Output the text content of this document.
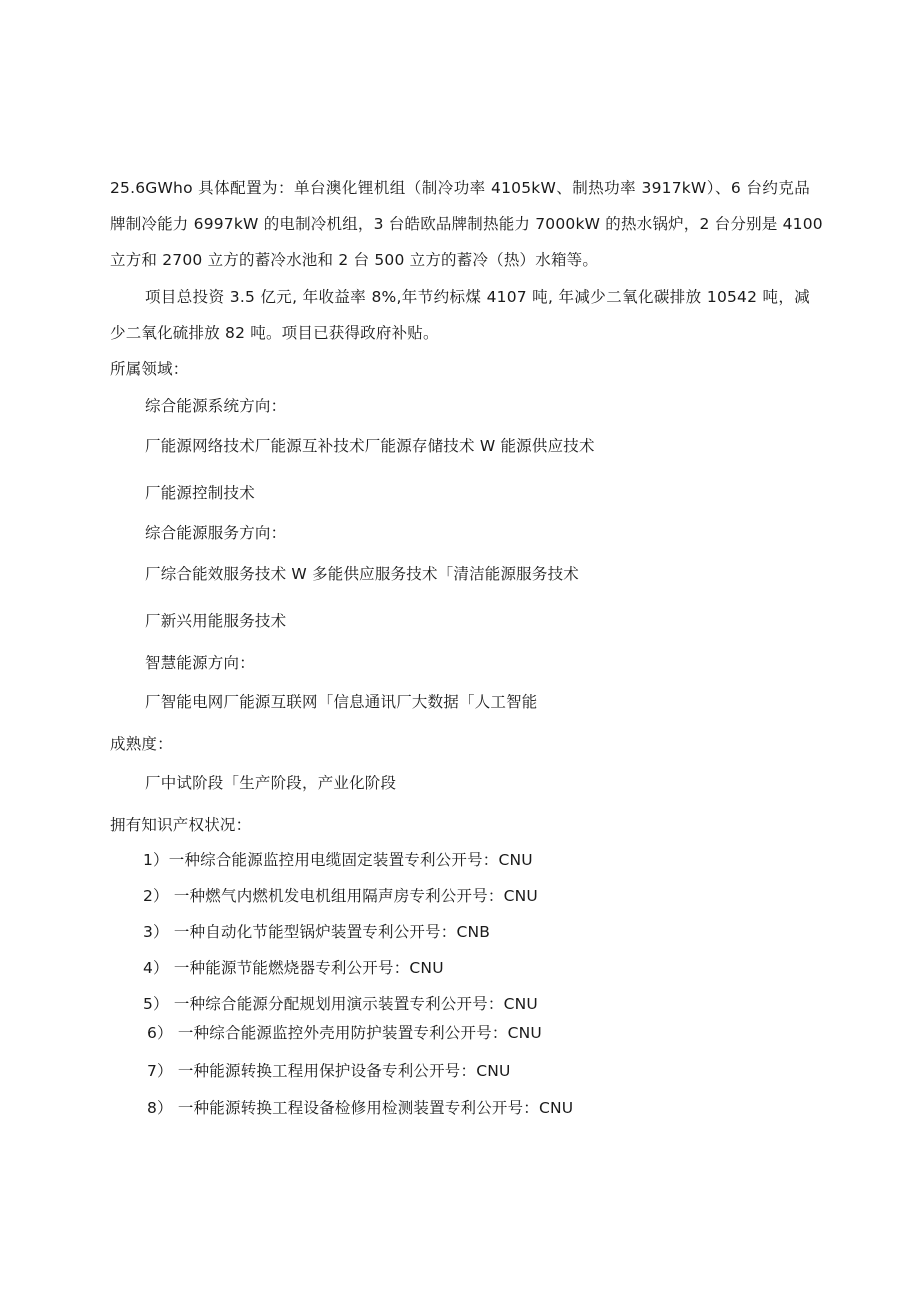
25.6GWho 具体配置为：单台澳化锂机组（制冷功率 4105kW、制热功率 3917kW）、6 台约克品
牌制冷能力 6997kW 的电制冷机组，3 台皓欧品牌制热能力 7000kW 的热水锅炉，2 台分别是 4100
立方和 2700 立方的蓄冷水池和 2 台 500 立方的蓄冷（热）水箱等。
项目总投资 3.5 亿元, 年收益率 8%,年节约标煤 4107 吨, 年减少二氧化碳排放 10542 吨，减
少二氧化硫排放 82 吨。项目已获得政府补贴。
所属领域：
综合能源系统方向：
厂能源网络技术厂能源互补技术厂能源存储技术 W 能源供应技术
厂能源控制技术
综合能源服务方向：
厂综合能效服务技术 W 多能供应服务技术「清洁能源服务技术
厂新兴用能服务技术
智慧能源方向：
厂智能电网厂能源互联网「信息通讯厂大数据「人工智能
成熟度：
厂中试阶段「生产阶段，产业化阶段
拥有知识产权状况：
1）一种综合能源监控用电缆固定装置专利公开号：CNU
2） 一种燃气内燃机发电机组用隔声房专利公开号：CNU
3） 一种自动化节能型锅炉装置专利公开号：CNB
4） 一种能源节能燃烧器专利公开号：CNU
5） 一种综合能源分配规划用演示装置专利公开号：CNU
6） 一种综合能源监控外壳用防护装置专利公开号：CNU
7） 一种能源转换工程用保护设备专利公开号：CNU
8） 一种能源转换工程设备检修用检测装置专利公开号：CNU
